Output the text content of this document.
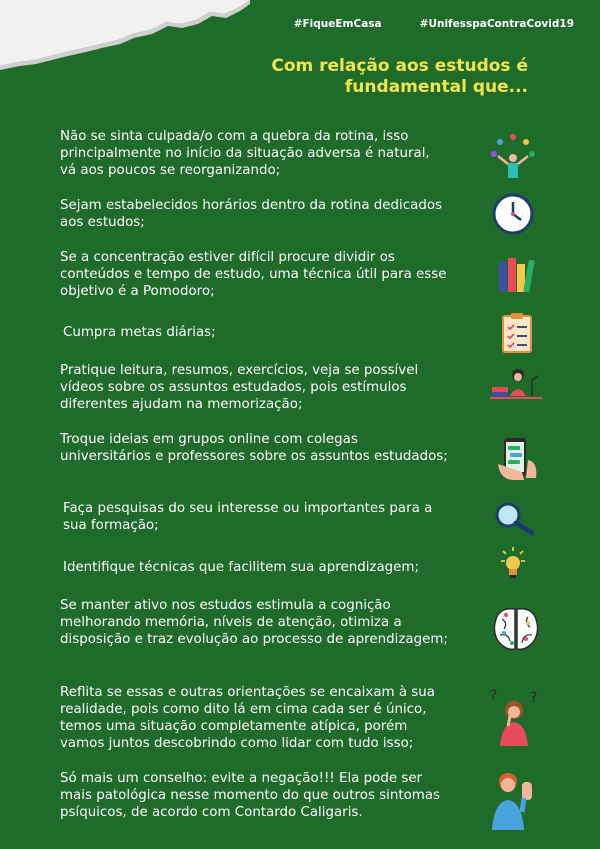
#FiqueEmCasa	#UnifesspaContraCovid19
Com relação aos estudos é
fundamental que...
Não se sinta culpada/o com a quebra da rotina, isso principalmente no início da situação adversa é natural, vá aos poucos se reorganizando;
Sejam estabelecidos horários dentro da rotina dedicados aos estudos;
Se a concentração estiver difícil procure dividir os conteúdos e tempo de estudo, uma técnica útil para esse objetivo é a Pomodoro;
Cumpra metas diárias;
Pratique leitura, resumos, exercícios, veja se possível vídeos sobre os assuntos estudados, pois estímulos diferentes ajudam na memorização;
Troque ideias em grupos online com colegas universitários e professores sobre os assuntos estudados;
Faça pesquisas do seu interesse ou importantes para a sua formação;
Identifique técnicas que facilitem sua aprendizagem;
Se manter ativo nos estudos estimula a cognição melhorando memória, níveis de atenção, otimiza a disposição e traz evolução ao processo de aprendizagem;
Reflita se essas e outras orientações se encaixam à sua realidade, pois como dito lá em cima cada ser é único, temos uma situação completamente atípica, porém vamos juntos descobrindo como lidar com tudo isso;
? ?
Só mais um conselho: evite a negação!!! Ela pode ser mais patológica nesse momento do que outros sintomas psíquicos, de acordo com Contardo Caligaris.
